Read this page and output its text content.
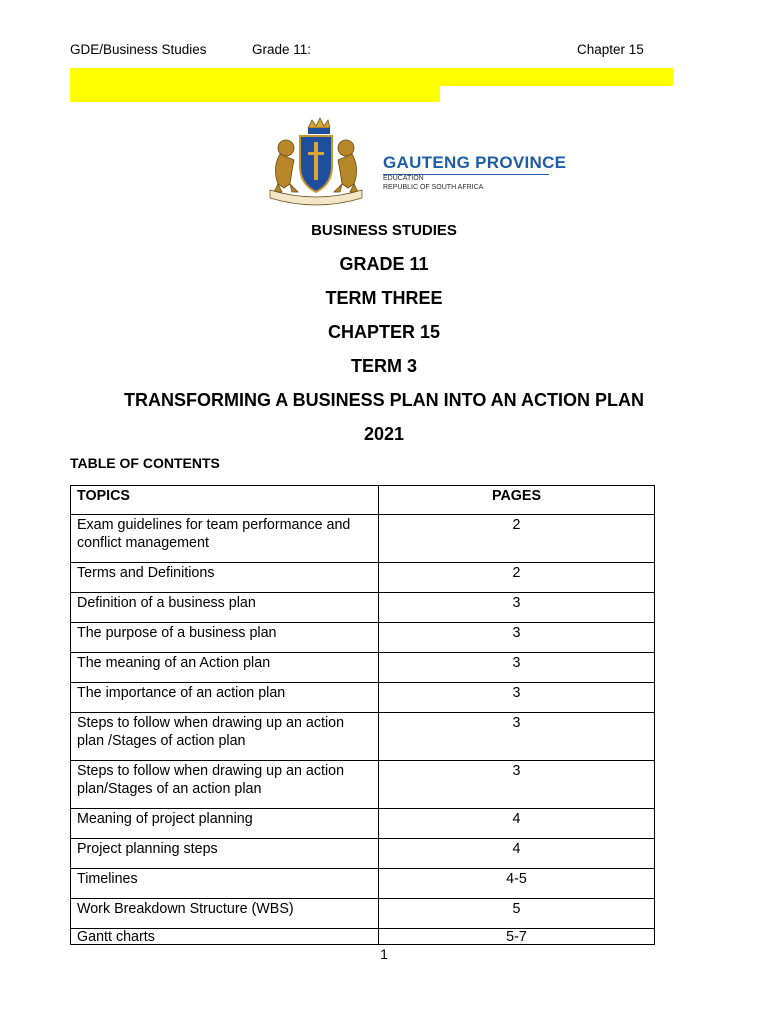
GDE/Business Studies	Grade 11:	Chapter 15
GAUTENG PROVINCE
EDUCATION
REPUBLIC OF SOUTH AFRICA
BUSINESS STUDIES
GRADE 11
TERM THREE
CHAPTER 15
TERM 3
TRANSFORMING A BUSINESS PLAN INTO AN ACTION PLAN
2021
TABLE OF CONTENTS
TOPICS	PAGES
Exam guidelines for team performance and conflict management	2
Terms and Definitions	2
Definition of a business plan	3
The purpose of a business plan	3
The meaning of an Action plan	3
The importance of an action plan	3
Steps to follow when drawing up an action plan /Stages of action plan	3
Steps to follow when drawing up an action plan/Stages of an action plan	3
Meaning of project planning	4
Project planning steps	4
Timelines	4-5
Work Breakdown Structure (WBS)	5
Gantt charts	5-7
1
